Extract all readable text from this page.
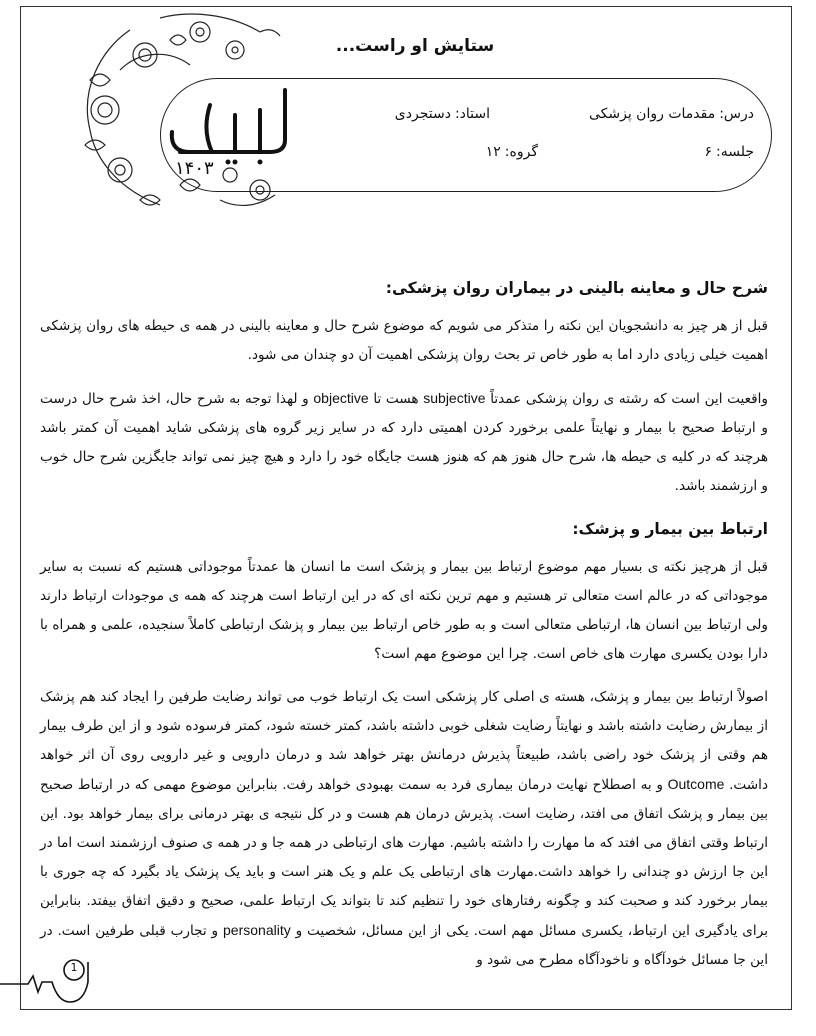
ستایش او راست...
درس:مقدمات روان پزشکی
استاد:دستجردی
جلسه:۶
گروه:۱۲
۱۴۰۳
شرح حال و معاینه بالینی در بیماران روان پزشکی:

قبل از هر چیز به دانشجویان این نکته را متذکر می شویم که موضوع شرح حال و معاینه بالینی در همه ی حیطه های روان پزشکی اهمیت خیلی زیادی دارد اما به طور خاص تر بحث روان پزشکی اهمیت آن دو چندان می شود.

واقعیت این است که رشته ی روان پزشکی عمدتاً subjective هست تا objective و لهذا توجه به شرح حال، اخذ شرح حال درست و ارتباط صحیح با بیمار و نهایتاً علمی برخورد کردن اهمیتی دارد که در سایر زیر گروه های پزشکی شاید اهمیت آن کمتر باشد هرچند که در کلیه ی حیطه ها، شرح حال هنوز هم که هنوز هست جایگاه خود را دارد و هیچ چیز نمی تواند جایگزین شرح حال خوب و ارزشمند باشد.

ارتباط بین بیمار و پزشک:

قبل از هرچیز نکته ی بسیار مهم موضوع ارتباط بین بیمار و پزشک است ما انسان ها عمدتاً موجوداتی هستیم که نسبت به سایر موجوداتی که در عالم است متعالی تر هستیم و مهم ترین نکته ای که در این ارتباط است هرچند که همه ی موجودات ارتباط دارند ولی ارتباط بین انسان ها، ارتباطی متعالی است و به طور خاص ارتباط بین بیمار و پزشک ارتباطی کاملاً سنجیده، علمی و همراه با دارا بودن یکسری مهارت های خاص است. چرا این موضوع مهم است؟

اصولاً ارتباط بین بیمار و پزشک، هسته ی اصلی کار پزشکی است یک ارتباط خوب می تواند رضایت طرفین را ایجاد کند هم پزشک از بیمارش رضایت داشته باشد و نهایتاً رضایت شغلی خوبی داشته باشد، کمتر خسته شود، کمتر فرسوده شود و از این طرف بیمار هم وقتی از پزشک خود راضی باشد، طبیعتاً پذیرش درمانش بهتر خواهد شد و درمان دارویی و غیر دارویی روی آن اثر خواهد داشت. Outcome و به اصطلاح نهایت درمان بیماری فرد به سمت بهبودی خواهد رفت. بنابراین موضوع مهمی که در ارتباط صحیح بین بیمار و پزشک اتفاق می افتد، رضایت است. پذیرش درمان هم هست و در کل نتیجه ی بهتر درمانی برای بیمار خواهد بود. این ارتباط وقتی اتفاق می افتد که ما مهارت را داشته باشیم. مهارت های ارتباطی در همه جا و در همه ی صنوف ارزشمند است اما در این جا ارزش دو چندانی را خواهد داشت.مهارت های ارتباطی یک علم و یک هنر است و باید یک پزشک یاد بگیرد که چه جوری با بیمار برخورد کند و صحبت کند و چگونه رفتارهای خود را تنظیم کند تا بتواند یک ارتباط علمی، صحیح و دقیق اتفاق بیفتد. بنابراین برای یادگیری این ارتباط، یکسری مسائل مهم است. یکی از این مسائل، شخصیت و personality و تجارب قبلی طرفین است. در این جا مسائل خودآگاه و ناخودآگاه مطرح می شود و

1
